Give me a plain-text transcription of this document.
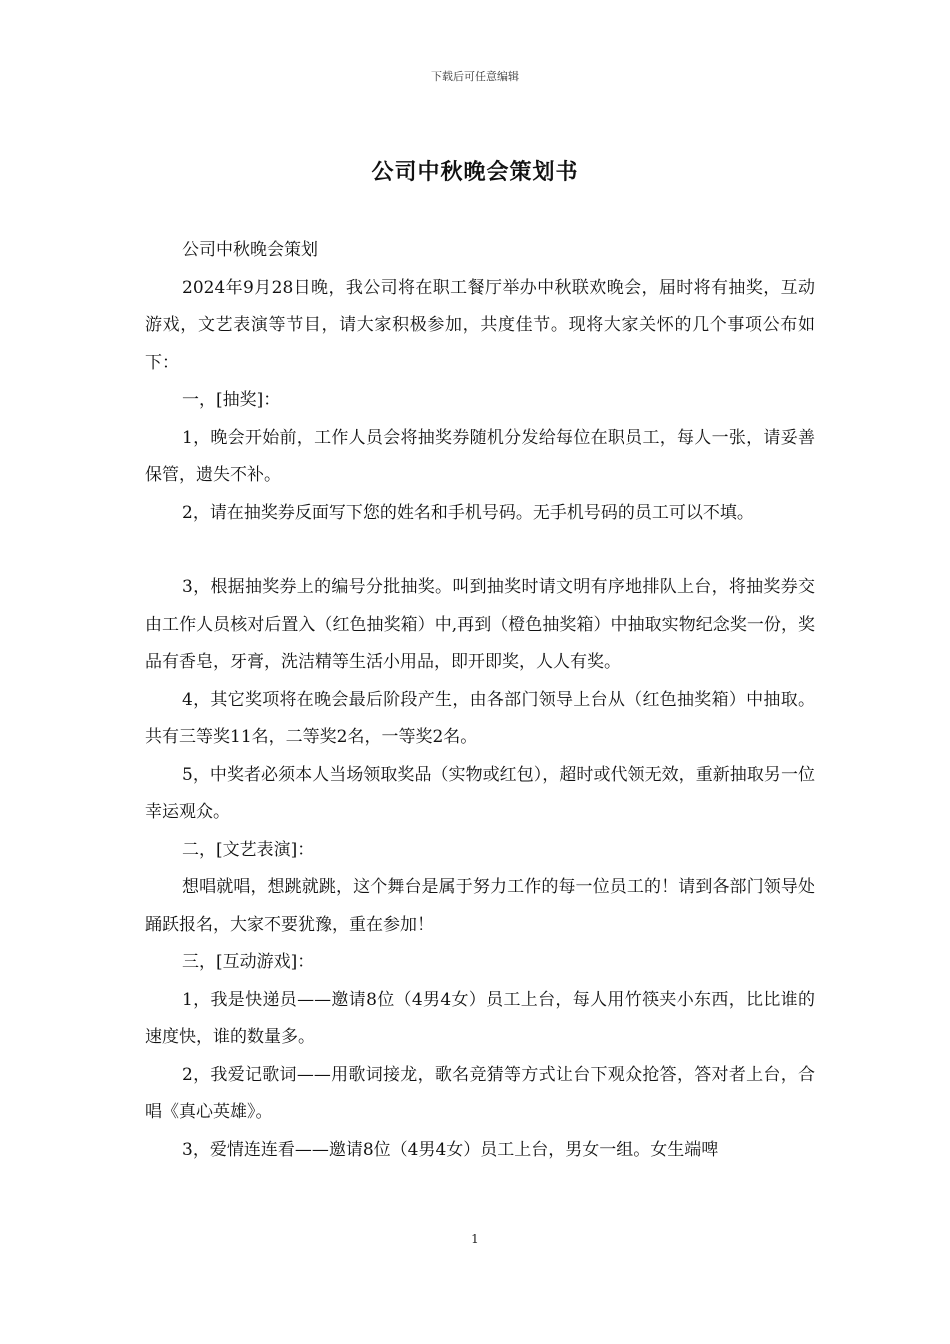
下载后可任意编辑
公司中秋晚会策划书

公司中秋晚会策划

2024年9月28日晚，我公司将在职工餐厅举办中秋联欢晚会，届时将有抽奖，互动游戏，文艺表演等节目，请大家积极参加，共度佳节。现将大家关怀的几个事项公布如下：

一，[抽奖]：

1，晚会开始前，工作人员会将抽奖券随机分发给每位在职员工，每人一张，请妥善保管，遗失不补。

2，请在抽奖券反面写下您的姓名和手机号码。无手机号码的员工可以不填。

3，根据抽奖券上的编号分批抽奖。叫到抽奖时请文明有序地排队上台，将抽奖券交由工作人员核对后置入（红色抽奖箱）中,再到（橙色抽奖箱）中抽取实物纪念奖一份，奖品有香皂，牙膏，洗洁精等生活小用品，即开即奖，人人有奖。

4，其它奖项将在晚会最后阶段产生，由各部门领导上台从（红色抽奖箱）中抽取。共有三等奖11名，二等奖2名，一等奖2名。

5，中奖者必须本人当场领取奖品（实物或红包），超时或代领无效，重新抽取另一位幸运观众。

二，[文艺表演]：

想唱就唱，想跳就跳，这个舞台是属于努力工作的每一位员工的！请到各部门领导处踊跃报名，大家不要犹豫，重在参加！

三，[互动游戏]：

1，我是快递员——邀请8位（4男4女）员工上台，每人用竹筷夹小东西，比比谁的速度快，谁的数量多。

2，我爱记歌词——用歌词接龙，歌名竞猜等方式让台下观众抢答，答对者上台，合唱《真心英雄》。

3，爱情连连看——邀请8位（4男4女）员工上台，男女一组。女生端啤

1
